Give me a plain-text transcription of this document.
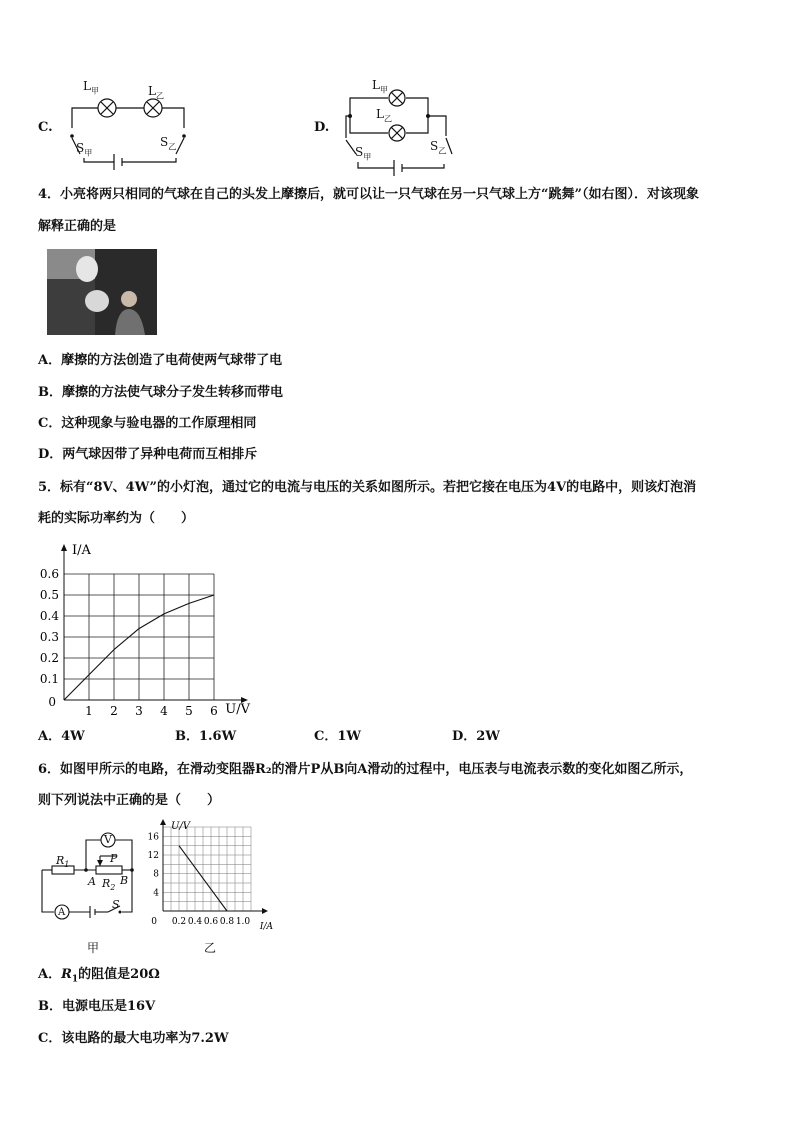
C.
$L_甲$	$L_乙$
$S_甲$
$S_乙$
D.
$L_甲$
$L_乙$
$S_甲$
$S_乙$
4．小亮将两只相同的气球在自己的头发上摩擦后，就可以让一只气球在另一只气球上方“跳舞”（如右图）．对该现象
解释正确的是
A．摩擦的方法创造了电荷使两气球带了电
B．摩擦的方法使气球分子发生转移而带电
C．这种现象与验电器的工作原理相同
D．两气球因带了异种电荷而互相排斥
5．标有“8V、4W”的小灯泡，通过它的电流与电压的关系如图所示。若把它接在电压为4V的电路中，则该灯泡消
耗的实际功率约为（　　）
1 2 3 4 5 6
0.1
0.2
0.3
0.4
0.5
0.6
0
I/A
U/V
A．4W	B．1.6W	C．1W	D．2W
6．如图甲所示的电路，在滑动变阻器R₂的滑片P从B向A滑动的过程中，电压表与电流表示数的变化如图乙所示，
则下列说法中正确的是（　　）
V
A
$R_1$	P
A $R_2$
B
S
甲
0.2 0.4 0.6 0.8 1.0
4
8
12
16
0
U/V
I/A
乙
A．$R_1$的阻值是20Ω
B．电源电压是16V
C．该电路的最大电功率为7.2W
